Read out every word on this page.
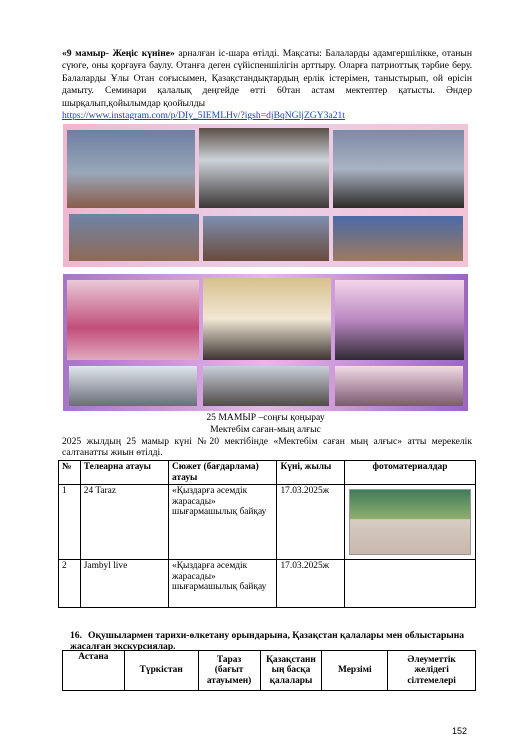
«9 мамыр- Жеңіс күніне» арналған іс-шара өтілді. Мақсаты: Балаларды адамгершілікке, отанын сүюге, оны қорғауға баулу. Отанға деген сүйіспеншілігін арттыру. Оларға патриоттық тәрбие беру. Балаларды Ұлы Отан соғысымен, Қазақстандықтардың ерлік істерімен, таныстырып, ой өрісін дамыту. Семинари қалалық деңгейде өтті 60тан астам мектептер қатысты. Әндер шырқалып,қойылымдар қоойылды
https://www.instagram.com/p/DIy_5IEMLHv/?igsh=djBqNGljZGY3a21t
25 МАМЫР –соңғы қоңырау
Мектебім саған-мың алғыс
2025 жылдың 25 мамыр күні №20 мектібінде «Мектебім саған мың алғыс» атты мерекелік салтанатты жиын өтілді.
№	Телеарна атауы	Сюжет (бағдарлама) атауы	Күні, жылы	фотоматериалдар
1	24 Taraz	«Қыздарға әсемдік жарасады» шығармашылық байқау	17.03.2025ж	

2	Jambyl live	«Қыздарға әсемдік жарасады» шығармашылық байқау	17.03.2025ж	
16. Оқушылармен тарихи-өлкетану орындарына, Қазақстан қалалары мен облыстарына жасалған экскурсиялар.
Астана	Түркістан	Тараз (бағыт атауымен)	Қазақстанн ың басқа қалалары	Мерзімі	Әлеуметтік желідегі сілтемелері
152
